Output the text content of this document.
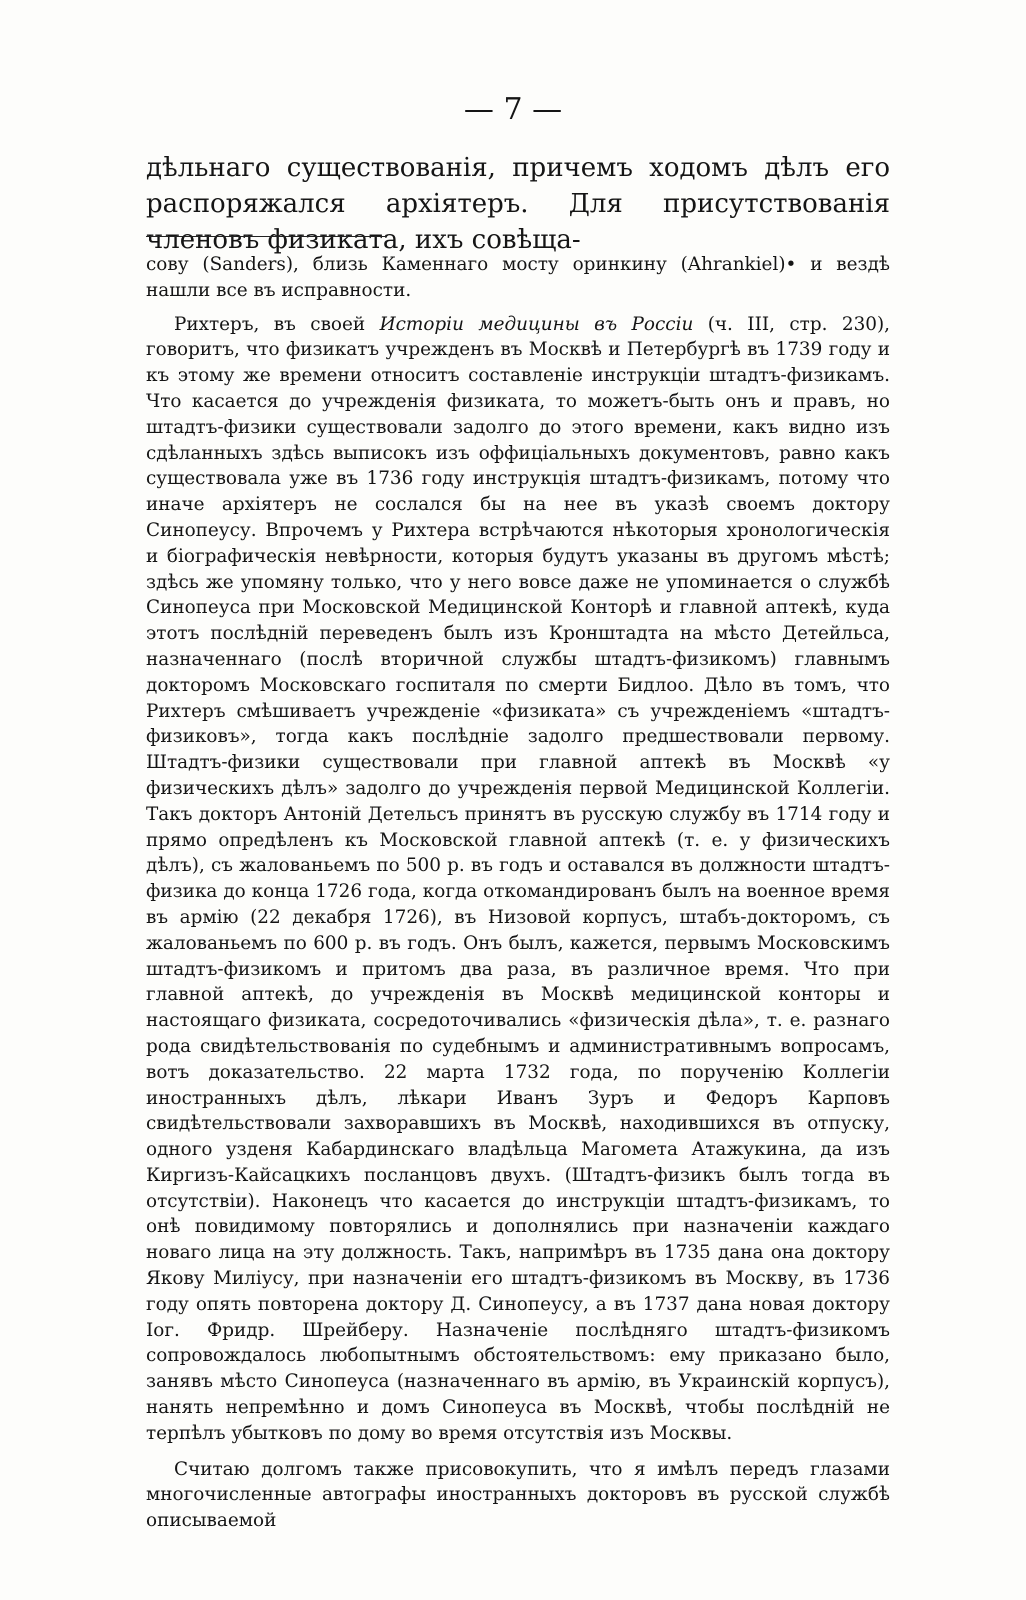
— 7 —

дѣльнаго существованія, причемъ ходомъ дѣлъ его распоряжался архіятеръ. Для присутствованія членовъ физиката, ихъ совѣща-

сову (Sanders), близь Каменнаго мосту оринкину (Ahrankiel)• и вездѣ нашли все въ исправности.

Рихтеръ, въ своей Исторіи медицины въ Россіи (ч. III, стр. 230), говоритъ, что физикатъ учрежденъ въ Москвѣ и Петербургѣ въ 1739 году и къ этому же времени относитъ составленіе инструкціи штадтъ-физикамъ. Что касается до учрежденія физиката, то можетъ-быть онъ и правъ, но штадтъ-физики существовали задолго до этого времени, какъ видно изъ сдѣланныхъ здѣсь выписокъ изъ оффиціальныхъ документовъ, равно какъ существовала уже въ 1736 году инструкція штадтъ-физикамъ, потому что иначе архіятеръ не сослался бы на нее въ указѣ своемъ доктору Синопеусу. Впрочемъ у Рихтера встрѣчаются нѣкоторыя хронологическія и біографическія невѣрности, которыя будутъ указаны въ другомъ мѣстѣ; здѣсь же упомяну только, что у него вовсе даже не упоминается о службѣ Синопеуса при Московской Медицинской Конторѣ и главной аптекѣ, куда этотъ послѣдній переведенъ былъ изъ Кронштадта на мѣсто Детейльса, назначеннаго (послѣ вторичной службы штадтъ-физикомъ) главнымъ докторомъ Московскаго госпиталя по смерти Бидлоо. Дѣло въ томъ, что Рихтеръ смѣшиваетъ учрежденіе «физиката» съ учрежденіемъ «штадтъ-физиковъ», тогда какъ послѣдніе задолго предшествовали первому. Штадтъ-физики существовали при главной аптекѣ въ Москвѣ «у физическихъ дѣлъ» задолго до учрежденія первой Медицинской Коллегіи. Такъ докторъ Антоній Детельсъ принятъ въ русскую службу въ 1714 году и прямо опредѣленъ къ Московской главной аптекѣ (т. е. у физическихъ дѣлъ), съ жалованьемъ по 500 р. въ годъ и оставался въ должности штадтъ-физика до конца 1726 года, когда откомандированъ былъ на военное время въ армію (22 декабря 1726), въ Низовой корпусъ, штабъ-докторомъ, съ жалованьемъ по 600 р. въ годъ. Онъ былъ, кажется, первымъ Московскимъ штадтъ-физикомъ и притомъ два раза, въ различное время. Что при главной аптекѣ, до учрежденія въ Москвѣ медицинской конторы и настоящаго физиката, сосредоточивались «физическія дѣла», т. е. разнаго рода свидѣтельствованія по судебнымъ и административнымъ вопросамъ, вотъ доказательство. 22 марта 1732 года, по порученію Коллегіи иностранныхъ дѣлъ, лѣкари Иванъ Зуръ и Федоръ Карповъ свидѣтельствовали захворавшихъ въ Москвѣ, находившихся въ отпуску, одного узденя Кабардинскаго владѣльца Магомета Атажукина, да изъ Киргизъ-Кайсацкихъ посланцовъ двухъ. (Штадтъ-физикъ былъ тогда въ отсутствіи). Наконецъ что касается до инструкціи штадтъ-физикамъ, то онѣ повидимому повторялись и дополнялись при назначеніи каждаго новаго лица на эту должность. Такъ, напримѣръ въ 1735 дана она доктору Якову Миліусу, при назначеніи его штадтъ-физикомъ въ Москву, въ 1736 году опять повторена доктору Д. Синопеусу, а въ 1737 дана новая доктору Іог. Фридр. Шрейберу. Назначеніе послѣдняго штадтъ-физикомъ сопровождалось любопытнымъ обстоятельствомъ: ему приказано было, занявъ мѣсто Синопеуса (назначеннаго въ армію, въ Украинскій корпусъ), нанять непремѣнно и домъ Синопеуса въ Москвѣ, чтобы послѣдній не терпѣлъ убытковъ по дому во время отсутствія изъ Москвы.

Считаю долгомъ также присовокупить, что я имѣлъ передъ глазами многочисленные автографы иностранныхъ докторовъ въ русской службѣ описываемой
